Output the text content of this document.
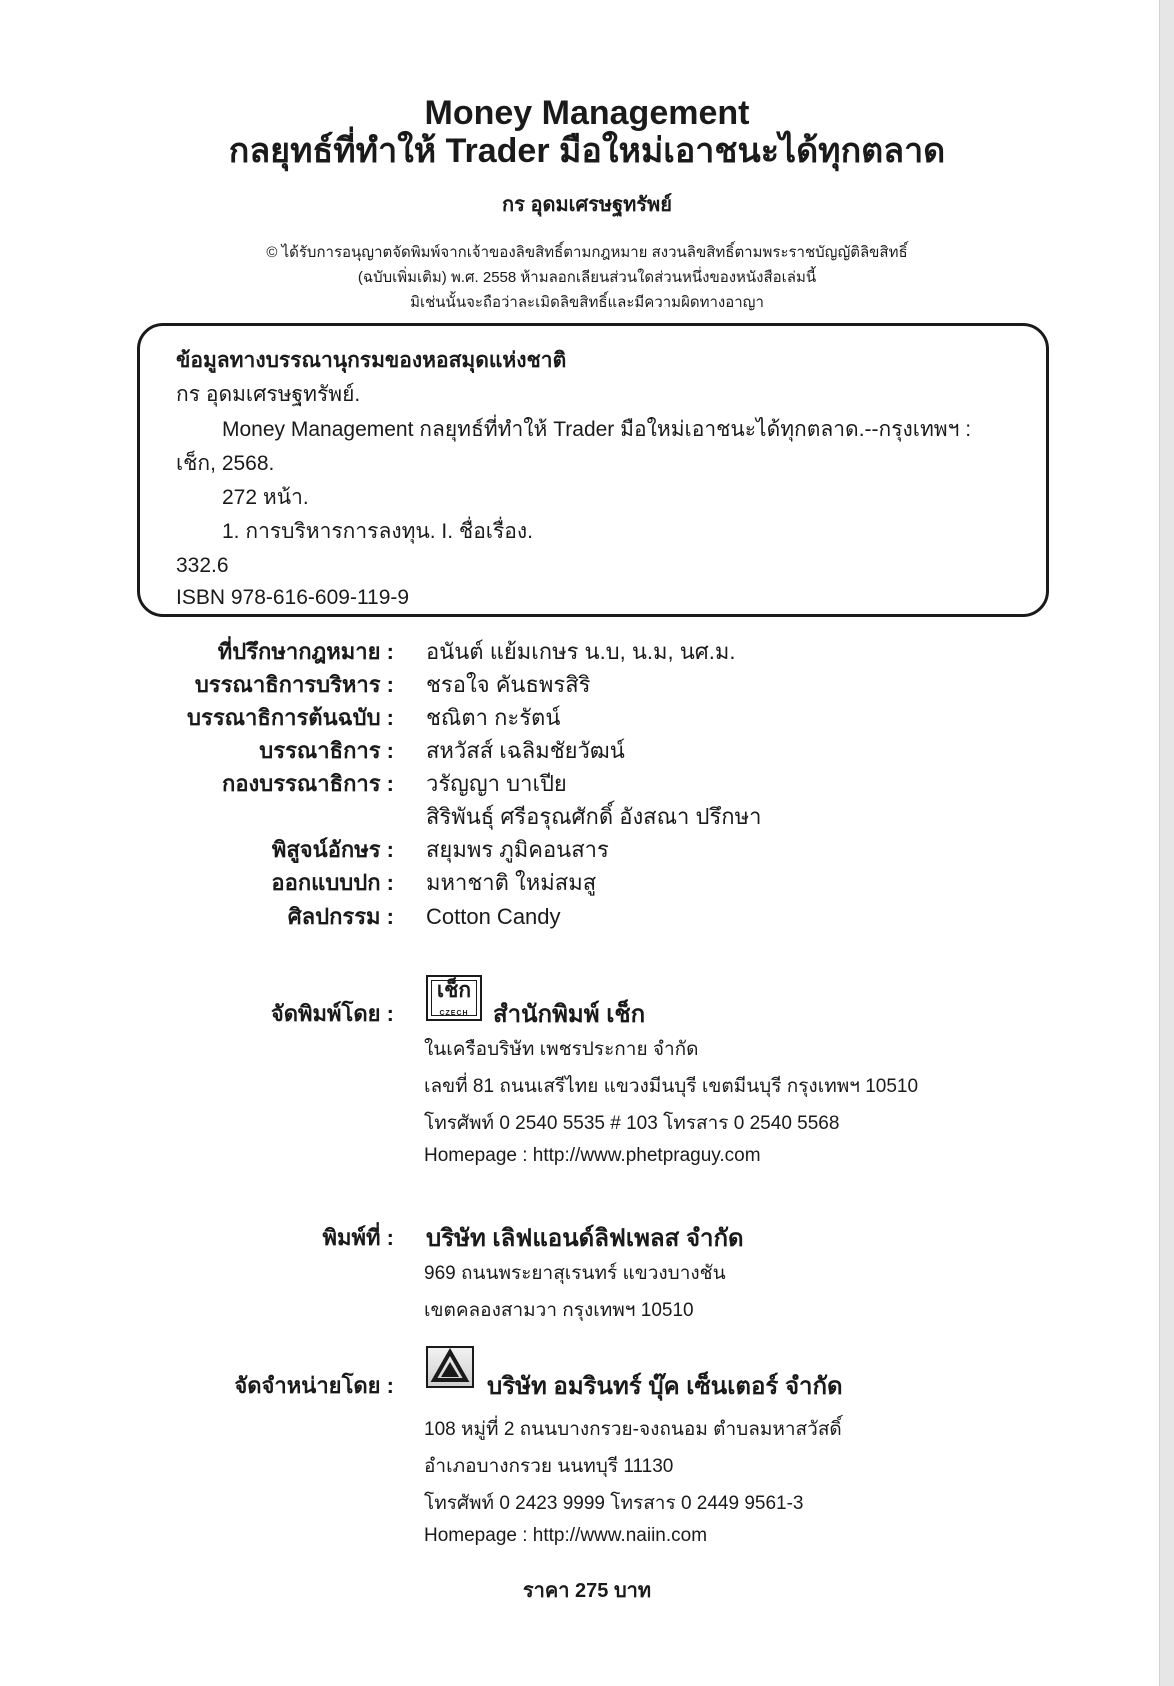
Money Management
กลยุทธ์ที่ทำให้ Trader มือใหม่เอาชนะได้ทุกตลาด
กร อุดมเศรษฐทรัพย์
© ได้รับการอนุญาตจัดพิมพ์จากเจ้าของลิขสิทธิ์ตามกฎหมาย สงวนลิขสิทธิ์ตามพระราชบัญญัติลิขสิทธิ์
(ฉบับเพิ่มเติม) พ.ศ. 2558 ห้ามลอกเลียนส่วนใดส่วนหนึ่งของหนังสือเล่มนี้
มิเช่นนั้นจะถือว่าละเมิดลิขสิทธิ์และมีความผิดทางอาญา
ข้อมูลทางบรรณานุกรมของหอสมุดแห่งชาติ
กร อุดมเศรษฐทรัพย์.
Money Management กลยุทธ์ที่ทำให้ Trader มือใหม่เอาชนะได้ทุกตลาด.--กรุงเทพฯ :
เช็ก, 2568.
272 หน้า.
1. การบริหารการลงทุน. I. ชื่อเรื่อง.
332.6
ISBN 978-616-609-119-9
ที่ปรึกษากฎหมาย : อนันต์ แย้มเกษร น.บ, น.ม, นศ.ม.
บรรณาธิการบริหาร : ชรอใจ คันธพรสิริ
บรรณาธิการต้นฉบับ : ชณิตา กะรัตน์
บรรณาธิการ : สหวัสส์ เฉลิมชัยวัฒน์
กองบรรณาธิการ : วรัญญา บาเปีย
สิริพันธุ์ ศรีอรุณศักดิ์ อังสณา ปรึกษา
พิสูจน์อักษร : สยุมพร ภูมิคอนสาร
ออกแบบปก : มหาชาติ ใหม่สมสู
ศิลปกรรม : Cotton Candy
จัดพิมพ์โดย :
เช็ก
CZECH	สำนักพิมพ์ เช็ก
ในเครือบริษัท เพชรประกาย จำกัด
เลขที่ 81 ถนนเสรีไทย แขวงมีนบุรี เขตมีนบุรี กรุงเทพฯ 10510
โทรศัพท์ 0 2540 5535 # 103 โทรสาร 0 2540 5568
Homepage : http://www.phetpraguy.com
พิมพ์ที่ : บริษัท เลิฟแอนด์ลิฟเพลส จำกัด
969 ถนนพระยาสุเรนทร์ แขวงบางชัน
เขตคลองสามวา กรุงเทพฯ 10510
จัดจำหน่ายโดย :	บริษัท อมรินทร์ บุ๊ค เซ็นเตอร์ จำกัด
108 หมู่ที่ 2 ถนนบางกรวย-จงถนอม ตำบลมหาสวัสดิ์
อำเภอบางกรวย นนทบุรี 11130
โทรศัพท์ 0 2423 9999 โทรสาร 0 2449 9561-3
Homepage : http://www.naiin.com
ราคา 275 บาท
